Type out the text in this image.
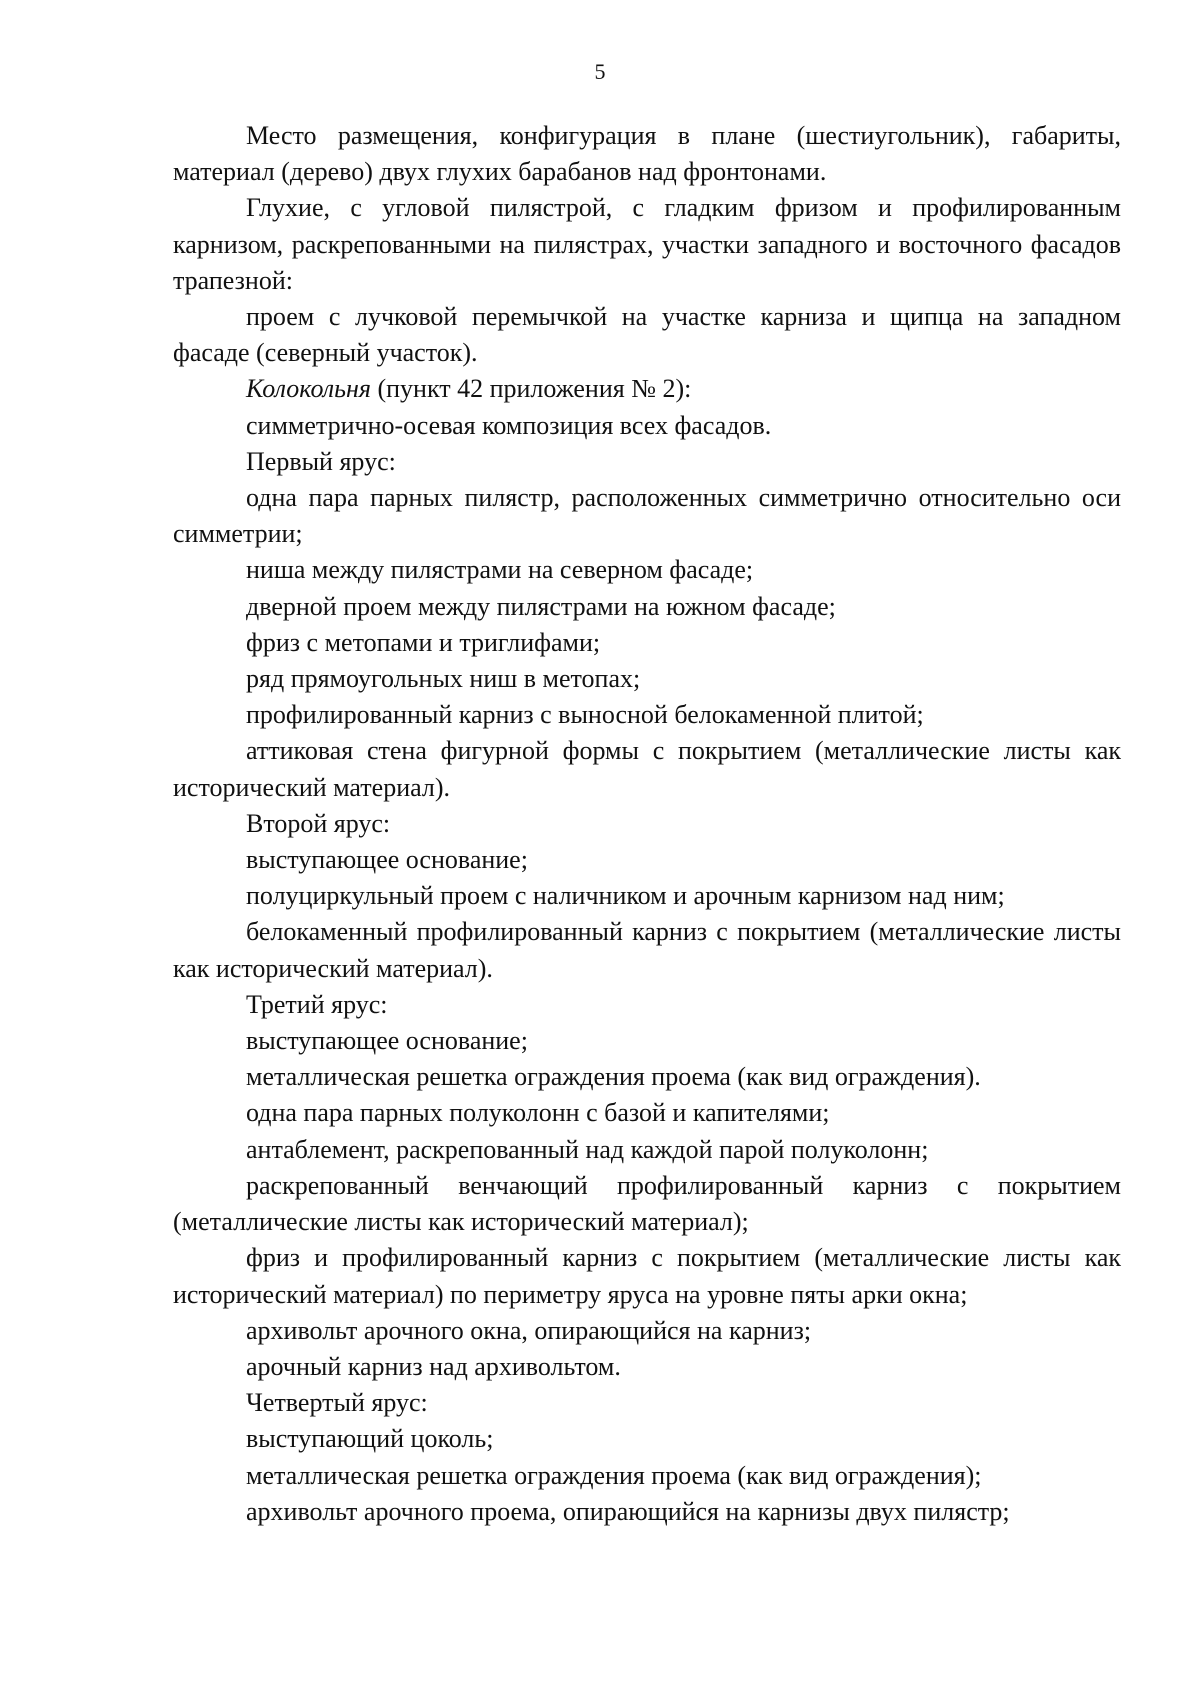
5

Место размещения, конфигурация в плане (шестиугольник), габариты, материал (дерево) двух глухих барабанов над фронтонами.

Глухие, с угловой пилястрой, с гладким фризом и профилированным карнизом, раскрепованными на пилястрах, участки западного и восточного фасадов трапезной:

проем с лучковой перемычкой на участке карниза и щипца на западном фасаде (северный участок).

Колокольня (пункт 42 приложения № 2):

симметрично-осевая композиция всех фасадов.

Первый ярус:

одна пара парных пилястр, расположенных симметрично относительно оси симметрии;

ниша между пилястрами на северном фасаде;

дверной проем между пилястрами на южном фасаде;

фриз с метопами и триглифами;

ряд прямоугольных ниш в метопах;

профилированный карниз с выносной белокаменной плитой;

аттиковая стена фигурной формы с покрытием (металлические листы как исторический материал).

Второй ярус:

выступающее основание;

полуциркульный проем с наличником и арочным карнизом над ним;

белокаменный профилированный карниз с покрытием (металлические листы как исторический материал).

Третий ярус:

выступающее основание;

металлическая решетка ограждения проема (как вид ограждения).

одна пара парных полуколонн с базой и капителями;

антаблемент, раскрепованный над каждой парой полуколонн;

раскрепованный венчающий профилированный карниз с покрытием (металлические листы как исторический материал);

фриз и профилированный карниз с покрытием (металлические листы как исторический материал) по периметру яруса на уровне пяты арки окна;

архивольт арочного окна, опирающийся на карниз;

арочный карниз над архивольтом.

Четвертый ярус:

выступающий цоколь;

металлическая решетка ограждения проема (как вид ограждения);

архивольт арочного проема, опирающийся на карнизы двух пилястр;
